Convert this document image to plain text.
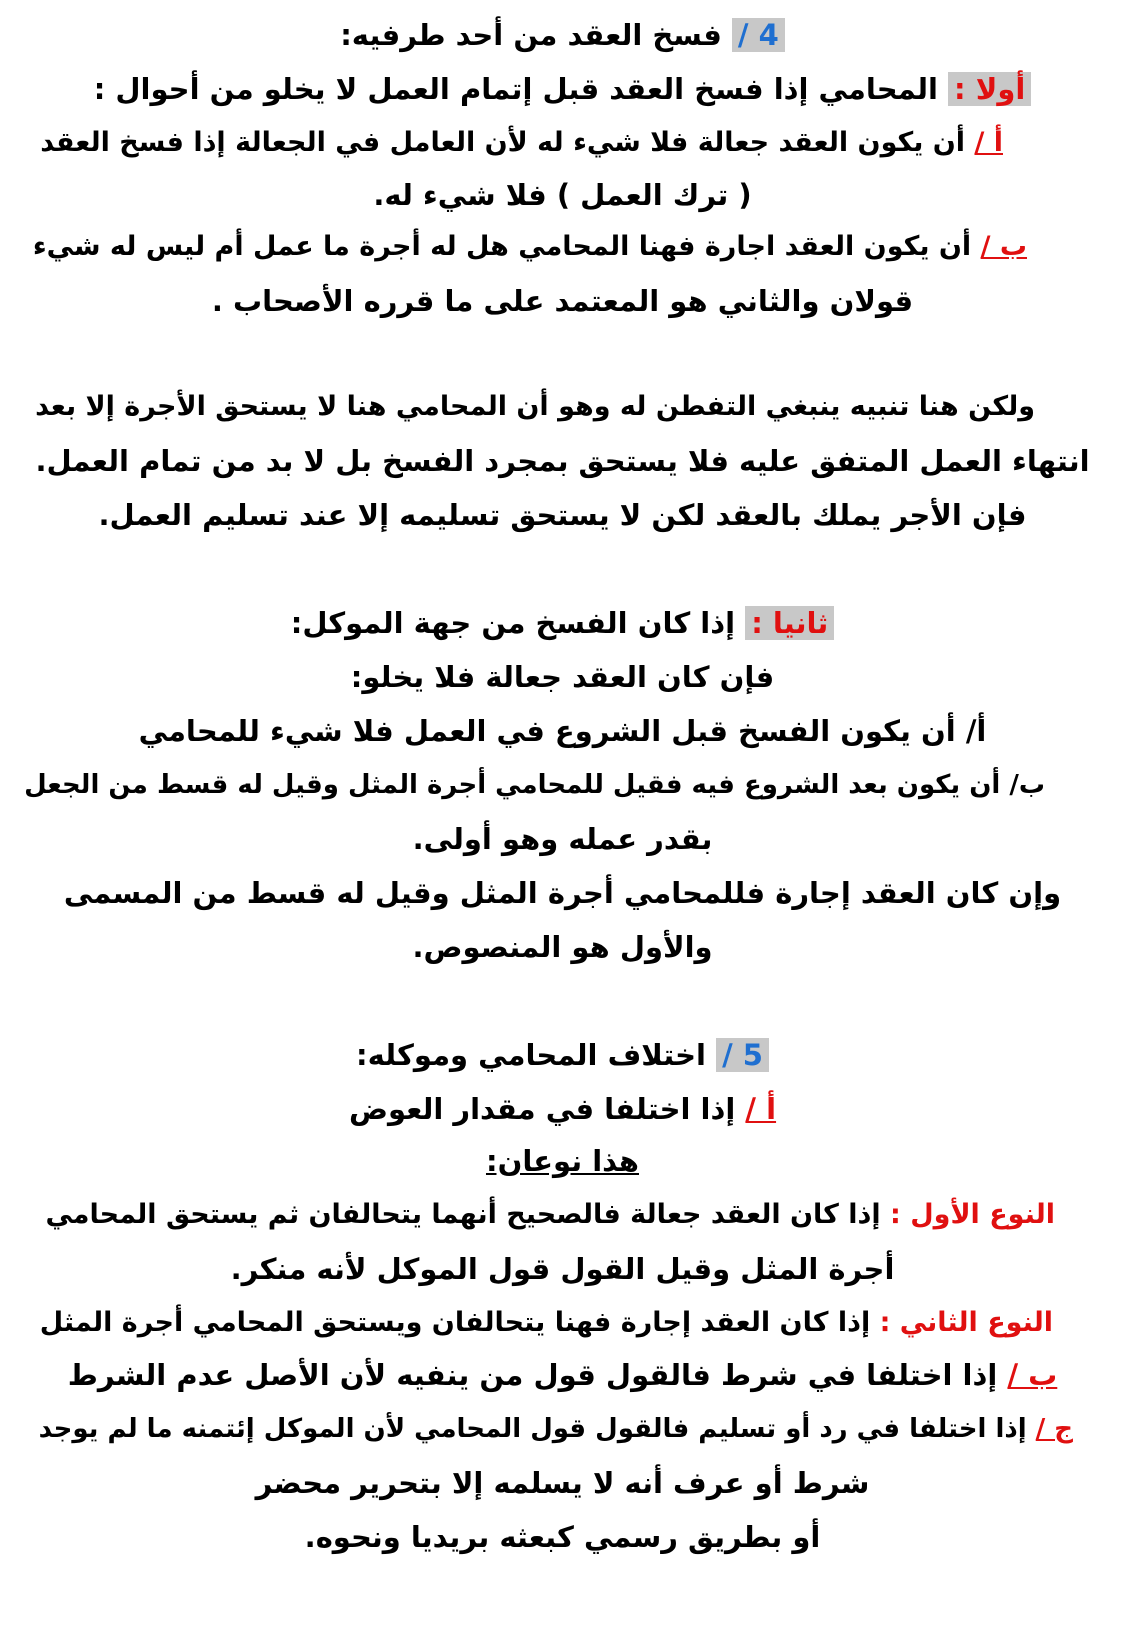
4 / فسخ العقد من أحد طرفيه:
أولا : المحامي إذا فسخ العقد قبل إتمام العمل لا يخلو من أحوال :
أ / أن يكون العقد جعالة فلا شيء له لأن العامل في الجعالة إذا فسخ العقد
( ترك العمل ) فلا شيء له.
ب / أن يكون العقد اجارة فهنا المحامي هل له أجرة ما عمل أم ليس له شيء
قولان والثاني هو المعتمد على ما قرره الأصحاب .
ولكن هنا تنبيه ينبغي التفطن له وهو أن المحامي هنا لا يستحق الأجرة إلا بعد
انتهاء العمل المتفق عليه فلا يستحق بمجرد الفسخ بل لا بد من تمام العمل.
فإن الأجر يملك بالعقد لكن لا يستحق تسليمه إلا عند تسليم العمل.
ثانيا : إذا كان الفسخ من جهة الموكل:
فإن كان العقد جعالة فلا يخلو:
أ/ أن يكون الفسخ قبل الشروع في العمل فلا شيء للمحامي
ب/ أن يكون بعد الشروع فيه فقيل للمحامي أجرة المثل وقيل له قسط من الجعل
بقدر عمله وهو أولى.
وإن كان العقد إجارة فللمحامي أجرة المثل وقيل له قسط من المسمى
والأول هو المنصوص.
5 / اختلاف المحامي وموكله:
أ / إذا اختلفا في مقدار العوض
هذا نوعان:
النوع الأول : إذا كان العقد جعالة فالصحيح أنهما يتحالفان ثم يستحق المحامي
أجرة المثل وقيل القول قول الموكل لأنه منكر.
النوع الثاني : إذا كان العقد إجارة فهنا يتحالفان ويستحق المحامي أجرة المثل
ب / إذا اختلفا في شرط فالقول قول من ينفيه لأن الأصل عدم الشرط
ج / إذا اختلفا في رد أو تسليم فالقول قول المحامي لأن الموكل إئتمنه ما لم يوجد
شرط أو عرف أنه لا يسلمه إلا بتحرير محضر
أو بطريق رسمي كبعثه بريديا ونحوه.
